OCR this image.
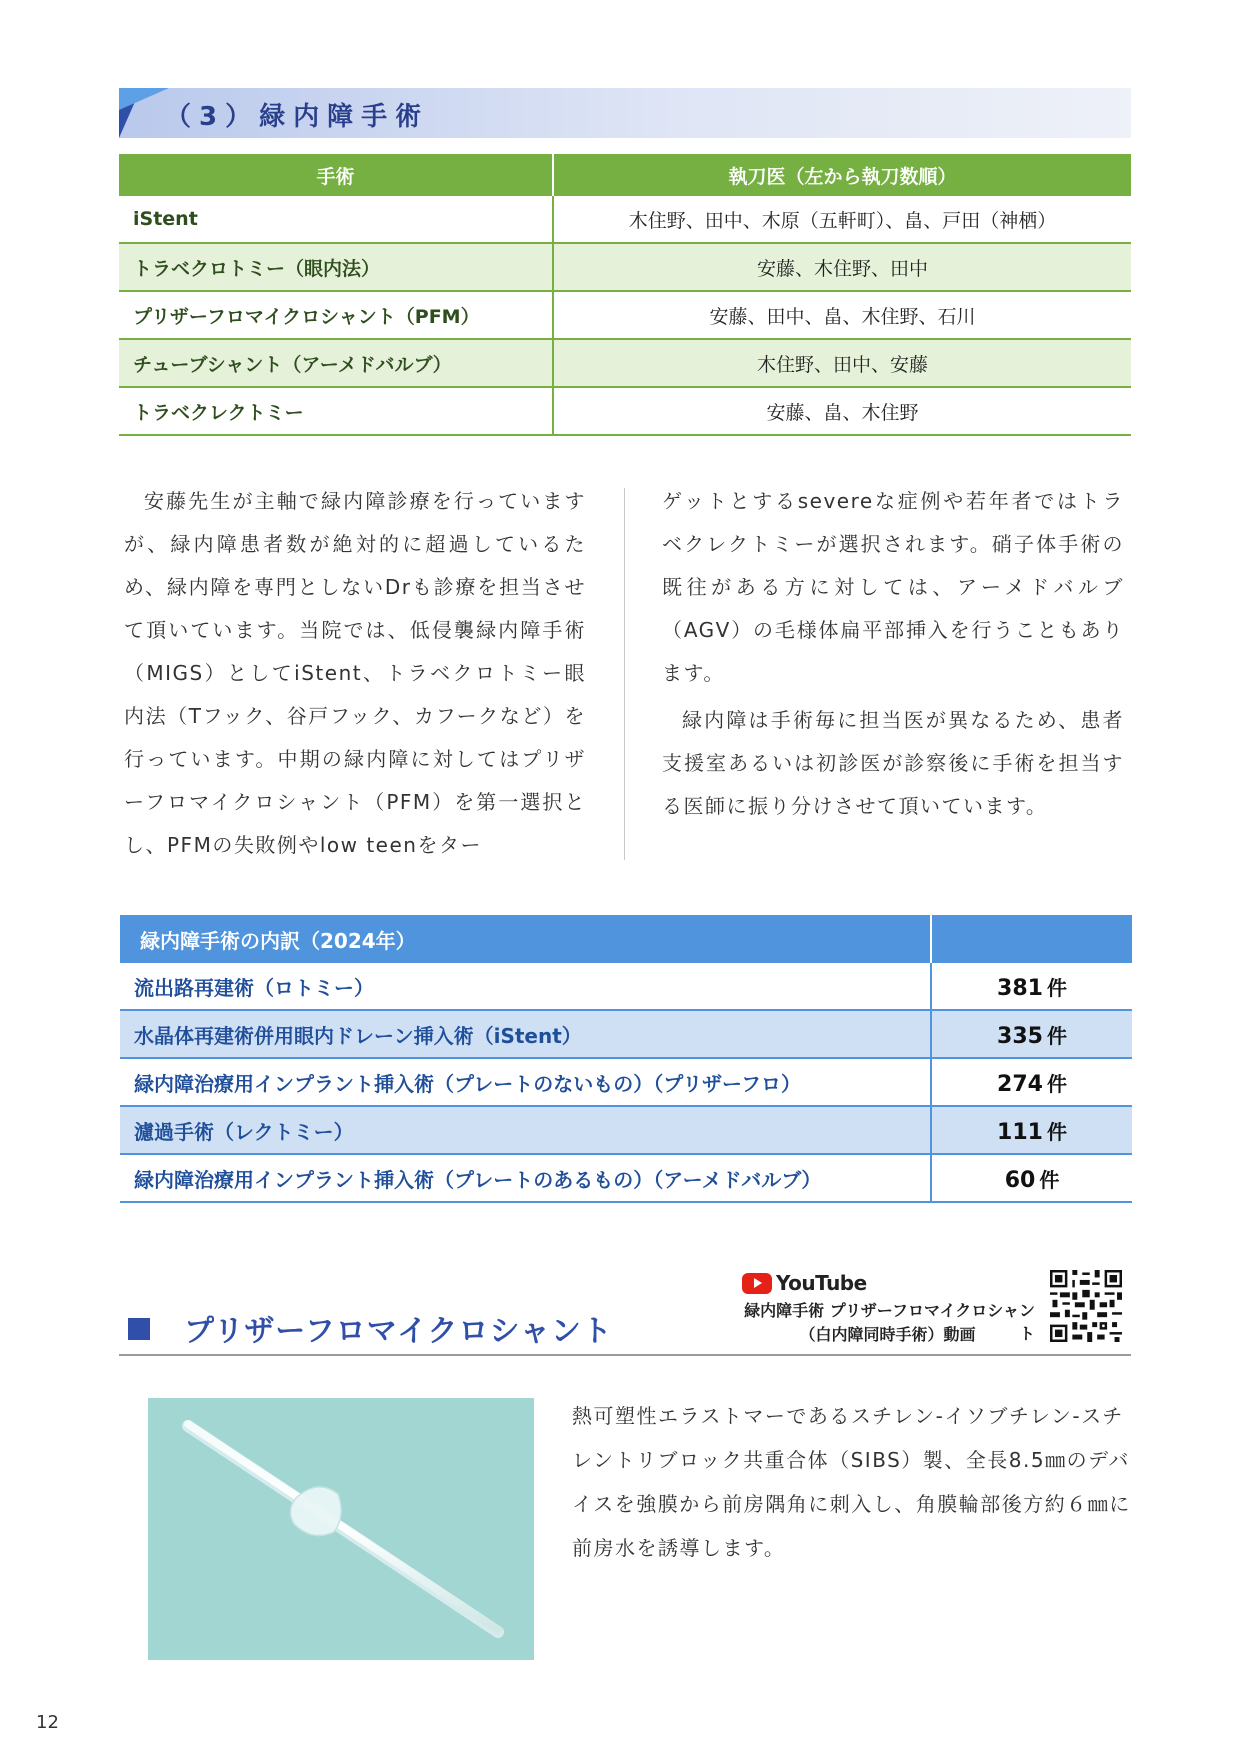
（3）緑内障手術
手術	執刀医（左から執刀数順）
iStent	木住野、田中、木原（五軒町）、畠、戸田（神栖）
トラベクロトミー（眼内法）	安藤、木住野、田中
プリザーフロマイクロシャント（PFM）	安藤、田中、畠、木住野、石川
チューブシャント（アーメドバルブ）	木住野、田中、安藤
トラベクレクトミー	安藤、畠、木住野

安藤先生が主軸で緑内障診療を行っていますが、緑内障患者数が絶対的に超過しているため、緑内障を専門としないDrも診療を担当させて頂いています。当院では、低侵襲緑内障手術（MIGS）としてiStent、トラベクロトミー眼内法（Tフック、谷戸フック、カフークなど）を行っています。中期の緑内障に対してはプリザーフロマイクロシャント（PFM）を第一選択とし、PFMの失敗例やlow teenをター

ゲットとするsevereな症例や若年者ではトラベクレクトミーが選択されます。硝子体手術の既往がある方に対しては、アーメドバルブ（AGV）の毛様体扁平部挿入を行うこともあります。

緑内障は手術毎に担当医が異なるため、患者支援室あるいは初診医が診察後に手術を担当する医師に振り分けさせて頂いています。

緑内障手術の内訳（2024年）	
流出路再建術（ロトミー）	381 件
水晶体再建術併用眼内ドレーン挿入術（iStent）	335 件
緑内障治療用インプラント挿入術（プレートのないもの）（プリザーフロ）	274 件
濾過手術（レクトミー）	111 件
緑内障治療用インプラント挿入術（プレートのあるもの）（アーメドバルブ）	60 件
プリザーフロマイクロシャント
YouTube
緑内障手術 プリザーフロマイクロシャント
（白内障同時手術）動画

熱可塑性エラストマーであるスチレン-イソブチレン-スチレントリブロック共重合体（SIBS）製、全長8.5㎜のデバイスを強膜から前房隅角に刺入し、角膜輪部後方約６㎜に前房水を誘導します。

12
